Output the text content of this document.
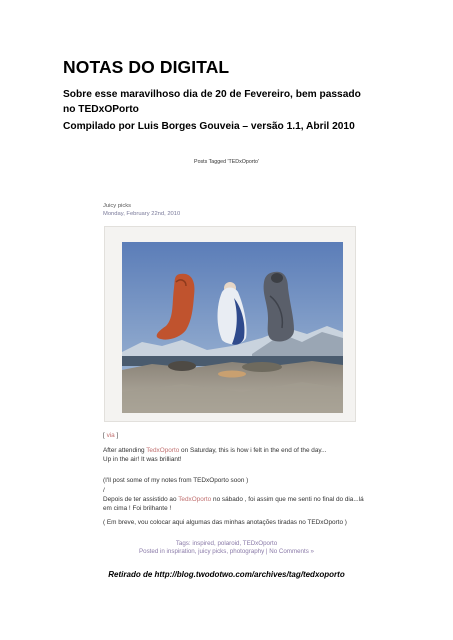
NOTAS DO DIGITAL
Sobre esse maravilhoso dia de 20 de Fevereiro, bem passado no TEDxOPorto
Compilado por Luis Borges Gouveia – versão 1.1, Abril 2010
Posts Tagged 'TEDxOporto'
Juicy picks
Monday, February 22nd, 2010
[ via ]
After attending TedxOporto on Saturday, this is how i felt in the end of the day...
Up in the air! It was brilliant!
(I'll post some of my notes from TEDxOporto soon )
/
Depois de ter assistido ao TedxOporto no sábado , foi assim que me senti no final do dia...lá em cima ! Foi brilhante !
( Em breve, vou colocar aqui algumas das minhas anotações tiradas no TEDxOporto )
Tags: inspired, polaroid, TEDxOporto
Posted in inspiration, juicy picks, photography | No Comments »
Retirado de http://blog.twodotwo.com/archives/tag/tedxoporto
